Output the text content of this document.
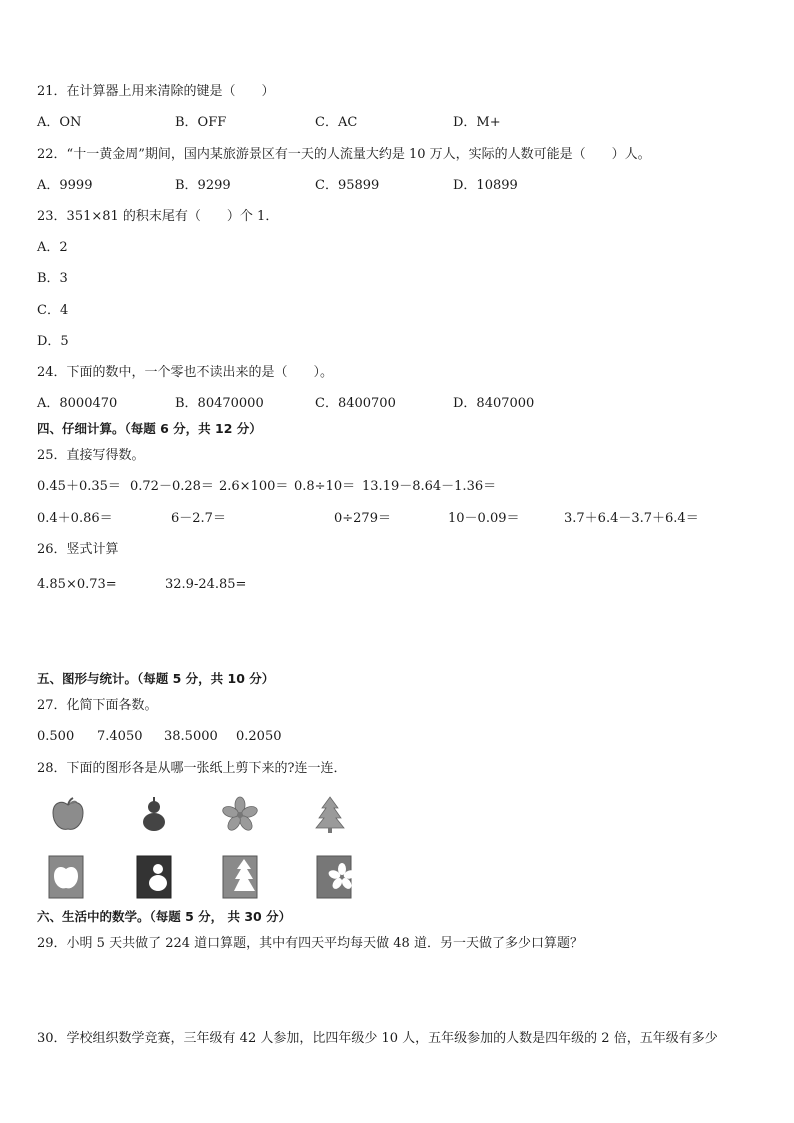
21．在计算器上用来清除的键是（　　）
A．ON	B．OFF	C．AC	D．M+
22．“十一黄金周”期间，国内某旅游景区有一天的人流量大约是 10 万人，实际的人数可能是（　　）人。
A．9999	B．9299	C．95899	D．10899
23．351×81 的积末尾有（　　）个 1．
A．2
B．3
C．4
D．5
24．下面的数中，一个零也不读出来的是（　　）。
A．8000470	B．80470000	C．8400700	D．8407000
四、仔细计算。（每题 6 分，共 12 分）
25．直接写得数。
0.45＋0.35＝ 0.72－0.28＝ 2.6×100＝ 0.8÷10＝ 13.19－8.64－1.36＝
0.4＋0.86＝	6－2.7＝	0÷279＝	10－0.09＝	3.7＋6.4－3.7＋6.4＝
26．竖式计算
4.85×0.73=	32.9-24.85=
五、图形与统计。（每题 5 分，共 10 分）
27．化简下面各数。
0.500 7.4050 38.5000 0.2050
28．下面的图形各是从哪一张纸上剪下来的?连一连．
六、生活中的数学。（每题 5 分， 共 30 分）
29．小明 5 天共做了 224 道口算题，其中有四天平均每天做 48 道．另一天做了多少口算题？
30．学校组织数学竞赛，三年级有 42 人参加，比四年级少 10 人，五年级参加的人数是四年级的 2 倍，五年级有多少
